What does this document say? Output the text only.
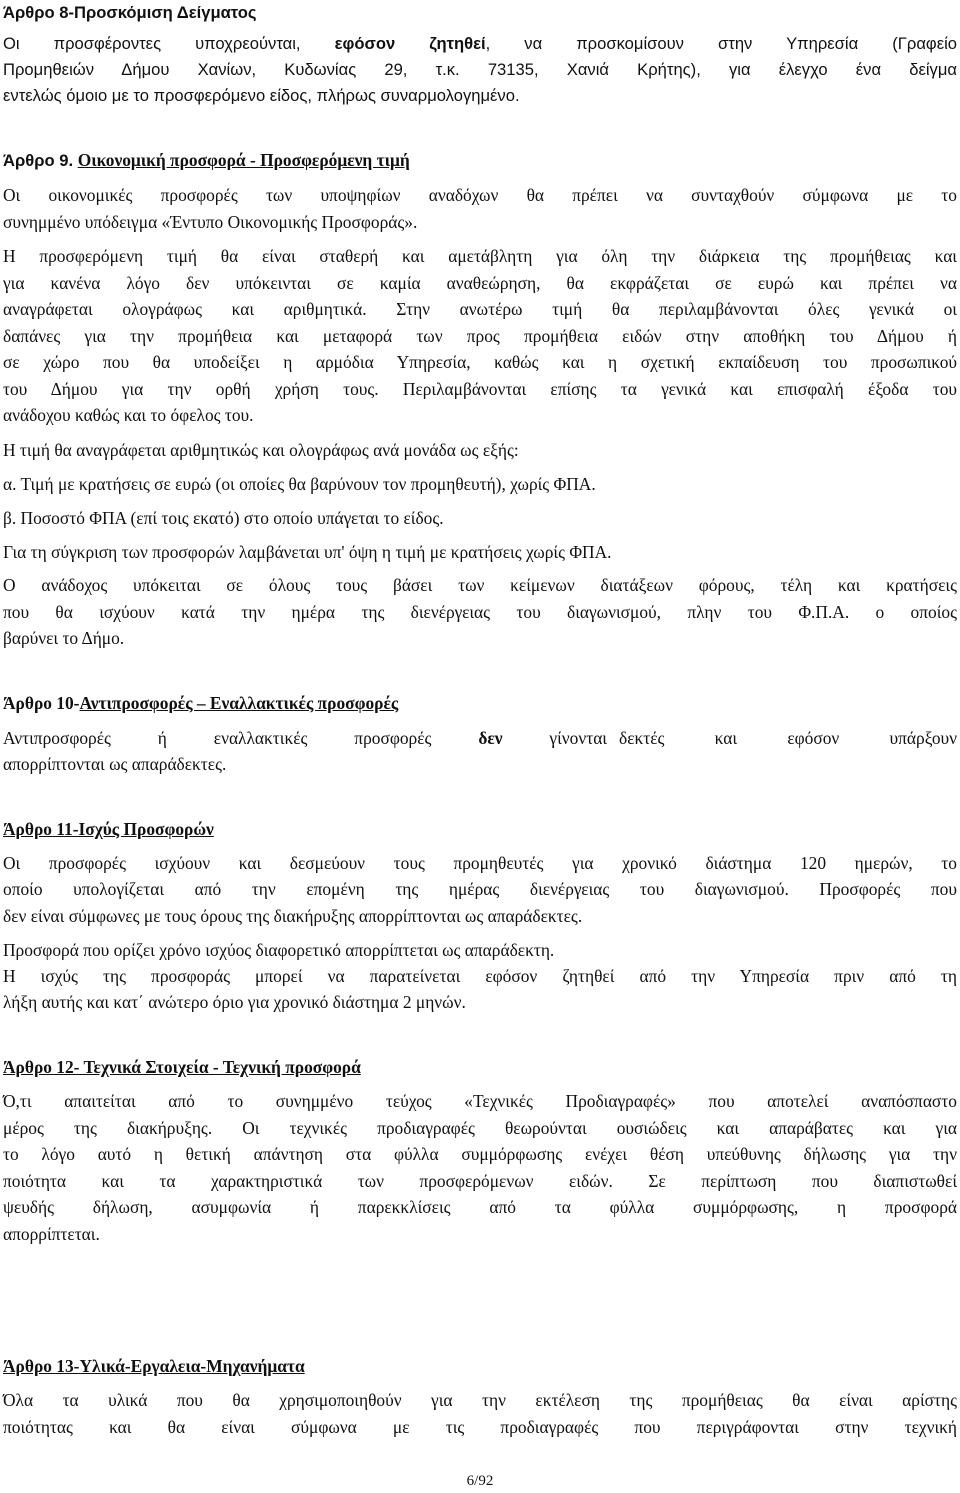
Άρθρο 8-Προσκόμιση Δείγματος
Οι προσφέροντες υποχρεούνται, εφόσον ζητηθεί, να προσκομίσουν στην Υπηρεσία (Γραφείο
Προμηθειών Δήμου Χανίων, Κυδωνίας 29, τ.κ. 73135, Χανιά Κρήτης), για έλεγχο ένα δείγμα
εντελώς όμοιο με το προσφερόμενο είδος, πλήρως συναρμολογημένο.
Άρθρο 9. Οικονομική προσφορά - Προσφερόμενη τιμή
Οι οικονομικές προσφορές των υποψηφίων αναδόχων θα πρέπει να συνταχθούν σύμφωνα με το
συνημμένο υπόδειγμα «Έντυπο Οικονομικής Προσφοράς».
Η προσφερόμενη τιμή θα είναι σταθερή και αμετάβλητη για όλη την διάρκεια της προμήθειας και
για κανένα λόγο δεν υπόκεινται σε καμία αναθεώρηση, θα εκφράζεται σε ευρώ και πρέπει να
αναγράφεται ολογράφως και αριθμητικά. Στην ανωτέρω τιμή θα περιλαμβάνονται όλες γενικά οι
δαπάνες για την προμήθεια και μεταφορά των προς προμήθεια ειδών στην αποθήκη του Δήμου ή
σε χώρο που θα υποδείξει η αρμόδια Υπηρεσία, καθώς και η σχετική εκπαίδευση του προσωπικού
του Δήμου για την ορθή χρήση τους. Περιλαμβάνονται επίσης τα γενικά και επισφαλή έξοδα του
ανάδοχου καθώς και το όφελος του.
Η τιμή θα αναγράφεται αριθμητικώς και ολογράφως ανά μονάδα ως εξής:
α. Τιμή με κρατήσεις σε ευρώ (οι οποίες θα βαρύνουν τον προμηθευτή), χωρίς ΦΠΑ.
β. Ποσοστό ΦΠΑ (επί τοις εκατό) στο οποίο υπάγεται το είδος.
Για τη σύγκριση των προσφορών λαμβάνεται υπ' όψη η τιμή με κρατήσεις χωρίς ΦΠΑ.
Ο ανάδοχος υπόκειται σε όλους τους βάσει των κείμενων διατάξεων φόρους, τέλη και κρατήσεις
που θα ισχύουν κατά την ημέρα της διενέργειας του διαγωνισμού, πλην του Φ.Π.Α. ο οποίος
βαρύνει το Δήμο.
Άρθρο 10-Αντιπροσφορές – Εναλλακτικές προσφορές
Αντιπροσφορές ή εναλλακτικές προσφορές δεν γίνονται δεκτές και εφόσον υπάρξουν
απορρίπτονται ως απαράδεκτες.
Άρθρο 11-Ισχύς Προσφορών
Οι προσφορές ισχύουν και δεσμεύουν τους προμηθευτές για χρονικό διάστημα 120 ημερών, το
οποίο υπολογίζεται από την επομένη της ημέρας διενέργειας του διαγωνισμού. Προσφορές που
δεν είναι σύμφωνες με τους όρους της διακήρυξης απορρίπτονται ως απαράδεκτες.
Προσφορά που ορίζει χρόνο ισχύος διαφορετικό απορρίπτεται ως απαράδεκτη.
Η ισχύς της προσφοράς μπορεί να παρατείνεται εφόσον ζητηθεί από την Υπηρεσία πριν από τη
λήξη αυτής και κατ΄ ανώτερο όριο για χρονικό διάστημα 2 μηνών.
Άρθρο 12- Τεχνικά Στοιχεία - Τεχνική προσφορά
Ό,τι απαιτείται από το συνημμένο τεύχος «Τεχνικές Προδιαγραφές» που αποτελεί αναπόσπαστο
μέρος της διακήρυξης. Οι τεχνικές προδιαγραφές θεωρούνται ουσιώδεις και απαράβατες και για
το λόγο αυτό η θετική απάντηση στα φύλλα συμμόρφωσης ενέχει θέση υπεύθυνης δήλωσης για την
ποιότητα και τα χαρακτηριστικά των προσφερόμενων ειδών. Σε περίπτωση που διαπιστωθεί
ψευδής δήλωση, ασυμφωνία ή παρεκκλίσεις από τα φύλλα συμμόρφωσης, η προσφορά
απορρίπτεται.
Άρθρο 13-Υλικά-Εργαλεια-Μηχανήματα
Όλα τα υλικά που θα χρησιμοποιηθούν για την εκτέλεση της προμήθειας θα είναι αρίστης
ποιότητας και θα είναι σύμφωνα με τις προδιαγραφές που περιγράφονται στην τεχνική
6/92
